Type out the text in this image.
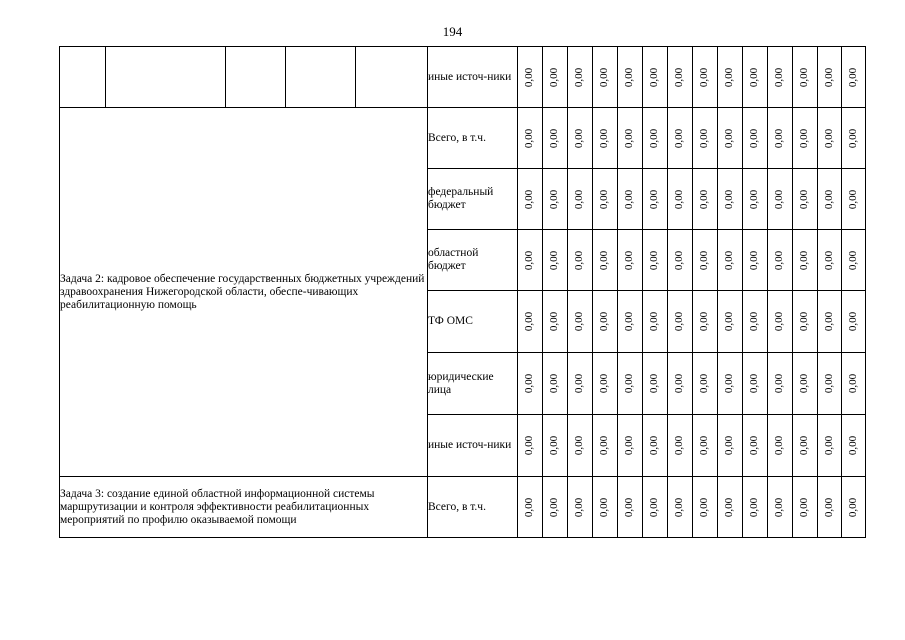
194
					иные источ-ники	0,00	0,00	0,00	0,00	0,00	0,00	0,00	0,00	0,00	0,00	0,00	0,00	0,00	0,00
Задача 2: кадровое обеспечение государственных бюджетных учреждений здравоохранения Нижегородской области, обеспе-чивающих реабилитационную помощь					Всего, в т.ч.	0,00	0,00	0,00	0,00	0,00	0,00	0,00	0,00	0,00	0,00	0,00	0,00	0,00	0,00
					федеральный бюджет	0,00	0,00	0,00	0,00	0,00	0,00	0,00	0,00	0,00	0,00	0,00	0,00	0,00	0,00
					областной бюджет	0,00	0,00	0,00	0,00	0,00	0,00	0,00	0,00	0,00	0,00	0,00	0,00	0,00	0,00
					ТФ ОМС	0,00	0,00	0,00	0,00	0,00	0,00	0,00	0,00	0,00	0,00	0,00	0,00	0,00	0,00
					юридические лица	0,00	0,00	0,00	0,00	0,00	0,00	0,00	0,00	0,00	0,00	0,00	0,00	0,00	0,00
					иные источ-ники	0,00	0,00	0,00	0,00	0,00	0,00	0,00	0,00	0,00	0,00	0,00	0,00	0,00	0,00
Задача 3: создание единой областной информационной системы маршрутизации и контроля эффективности реабилитационных мероприятий по профилю оказываемой помощи					Всего, в т.ч.	0,00	0,00	0,00	0,00	0,00	0,00	0,00	0,00	0,00	0,00	0,00	0,00	0,00	0,00
